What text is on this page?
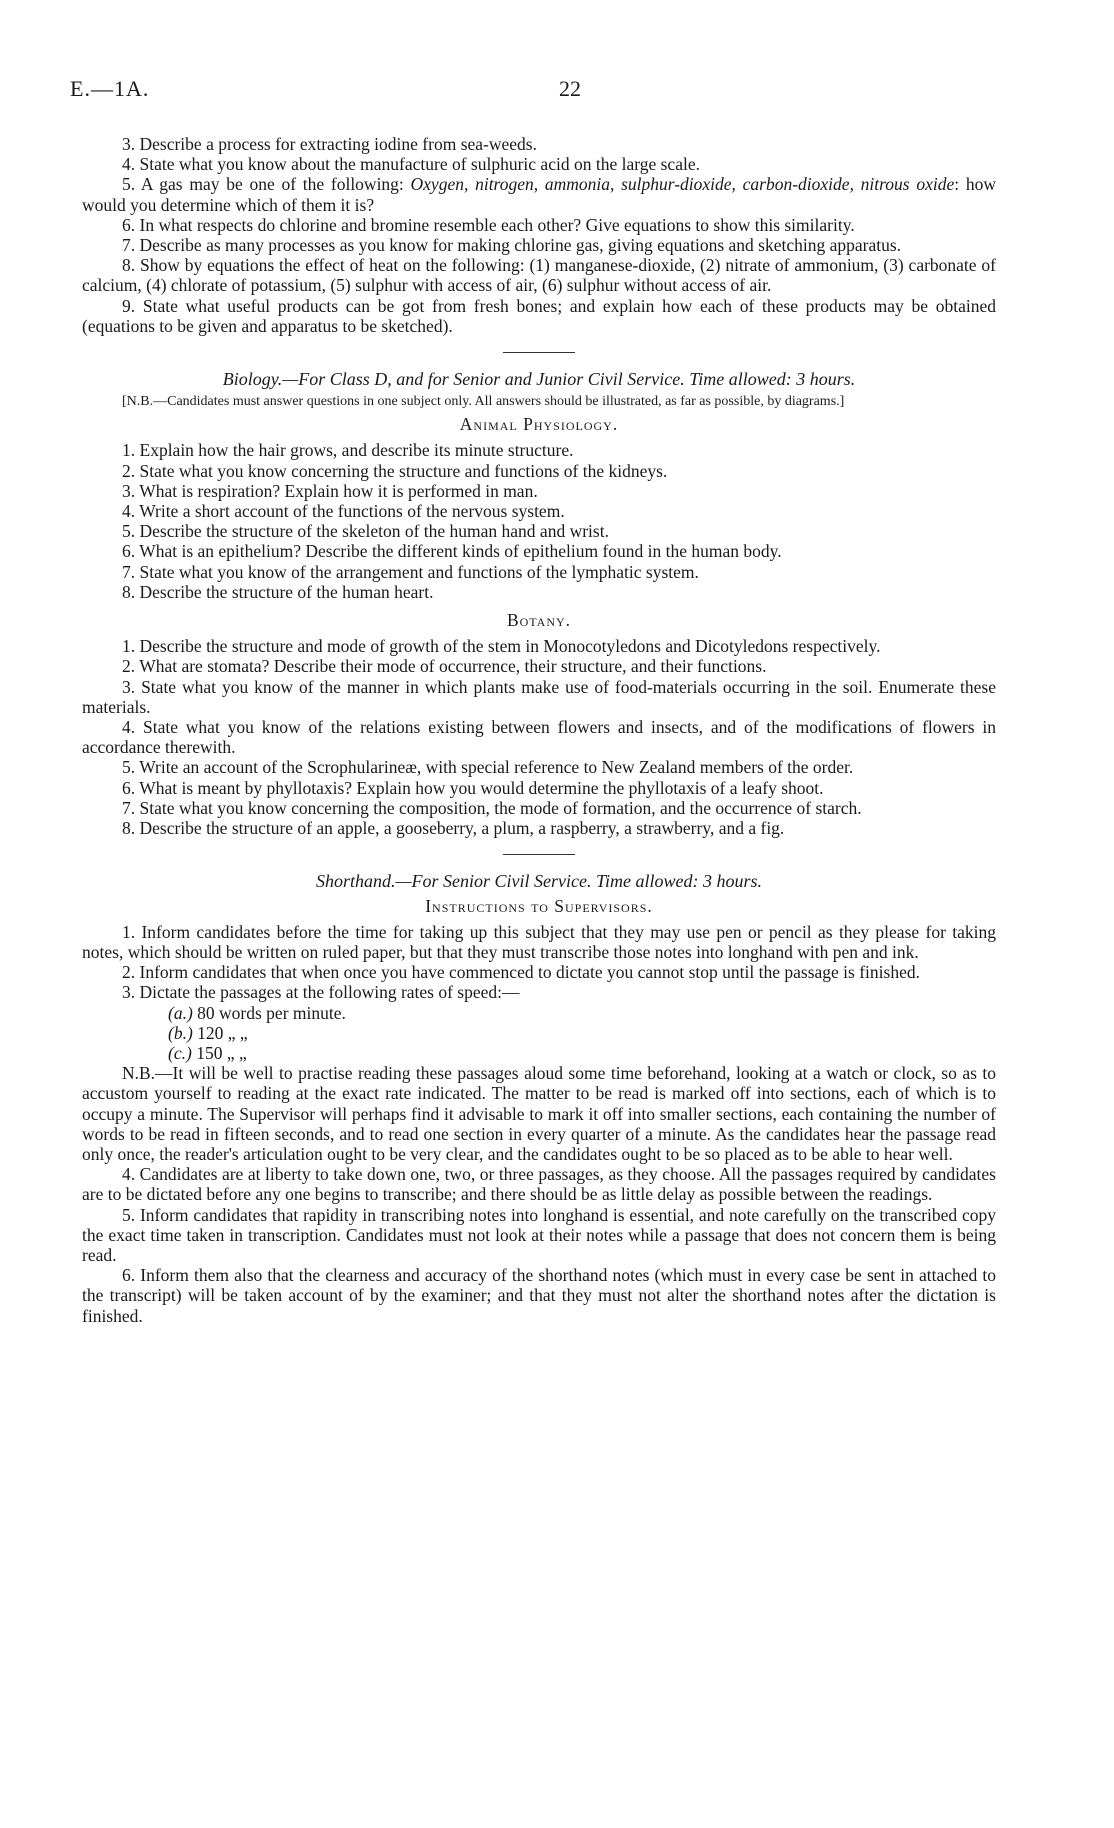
22
E.—1A.

3. Describe a process for extracting iodine from sea-weeds.

4. State what you know about the manufacture of sulphuric acid on the large scale.

5. A gas may be one of the following: Oxygen, nitrogen, ammonia, sulphur-dioxide, carbon-dioxide, nitrous oxide: how would you determine which of them it is?

6. In what respects do chlorine and bromine resemble each other? Give equations to show this similarity.

7. Describe as many processes as you know for making chlorine gas, giving equations and sketching apparatus.

8. Show by equations the effect of heat on the following: (1) manganese-dioxide, (2) nitrate of ammonium, (3) carbonate of calcium, (4) chlorate of potassium, (5) sulphur with access of air, (6) sulphur without access of air.

9. State what useful products can be got from fresh bones; and explain how each of these products may be obtained (equations to be given and apparatus to be sketched).

Biology.—For Class D, and for Senior and Junior Civil Service. Time allowed: 3 hours.
[N.B.—Candidates must answer questions in one subject only. All answers should be illustrated, as far as possible, by diagrams.]
Animal Physiology.

1. Explain how the hair grows, and describe its minute structure.

2. State what you know concerning the structure and functions of the kidneys.

3. What is respiration? Explain how it is performed in man.

4. Write a short account of the functions of the nervous system.

5. Describe the structure of the skeleton of the human hand and wrist.

6. What is an epithelium? Describe the different kinds of epithelium found in the human body.

7. State what you know of the arrangement and functions of the lymphatic system.

8. Describe the structure of the human heart.

Botany.

1. Describe the structure and mode of growth of the stem in Monocotyledons and Dicotyledons respectively.

2. What are stomata? Describe their mode of occurrence, their structure, and their functions.

3. State what you know of the manner in which plants make use of food-materials occurring in the soil. Enumerate these materials.

4. State what you know of the relations existing between flowers and insects, and of the modifications of flowers in accordance therewith.

5. Write an account of the Scrophularineæ, with special reference to New Zealand members of the order.

6. What is meant by phyllotaxis? Explain how you would determine the phyllotaxis of a leafy shoot.

7. State what you know concerning the composition, the mode of formation, and the occurrence of starch.

8. Describe the structure of an apple, a gooseberry, a plum, a raspberry, a strawberry, and a fig.

Shorthand.—For Senior Civil Service. Time allowed: 3 hours.
Instructions to Supervisors.

1. Inform candidates before the time for taking up this subject that they may use pen or pencil as they please for taking notes, which should be written on ruled paper, but that they must transcribe those notes into longhand with pen and ink.

2. Inform candidates that when once you have commenced to dictate you cannot stop until the passage is finished.

3. Dictate the passages at the following rates of speed:—

(a.) 80 words per minute.

(b.) 120 „ „

(c.) 150 „ „

N.B.—It will be well to practise reading these passages aloud some time beforehand, looking at a watch or clock, so as to accustom yourself to reading at the exact rate indicated. The matter to be read is marked off into sections, each of which is to occupy a minute. The Supervisor will perhaps find it advisable to mark it off into smaller sections, each containing the number of words to be read in fifteen seconds, and to read one section in every quarter of a minute. As the candidates hear the passage read only once, the reader's articulation ought to be very clear, and the candidates ought to be so placed as to be able to hear well.

4. Candidates are at liberty to take down one, two, or three passages, as they choose. All the passages required by candidates are to be dictated before any one begins to transcribe; and there should be as little delay as possible between the readings.

5. Inform candidates that rapidity in transcribing notes into longhand is essential, and note carefully on the transcribed copy the exact time taken in transcription. Candidates must not look at their notes while a passage that does not concern them is being read.

6. Inform them also that the clearness and accuracy of the shorthand notes (which must in every case be sent in attached to the transcript) will be taken account of by the examiner; and that they must not alter the shorthand notes after the dictation is finished.
